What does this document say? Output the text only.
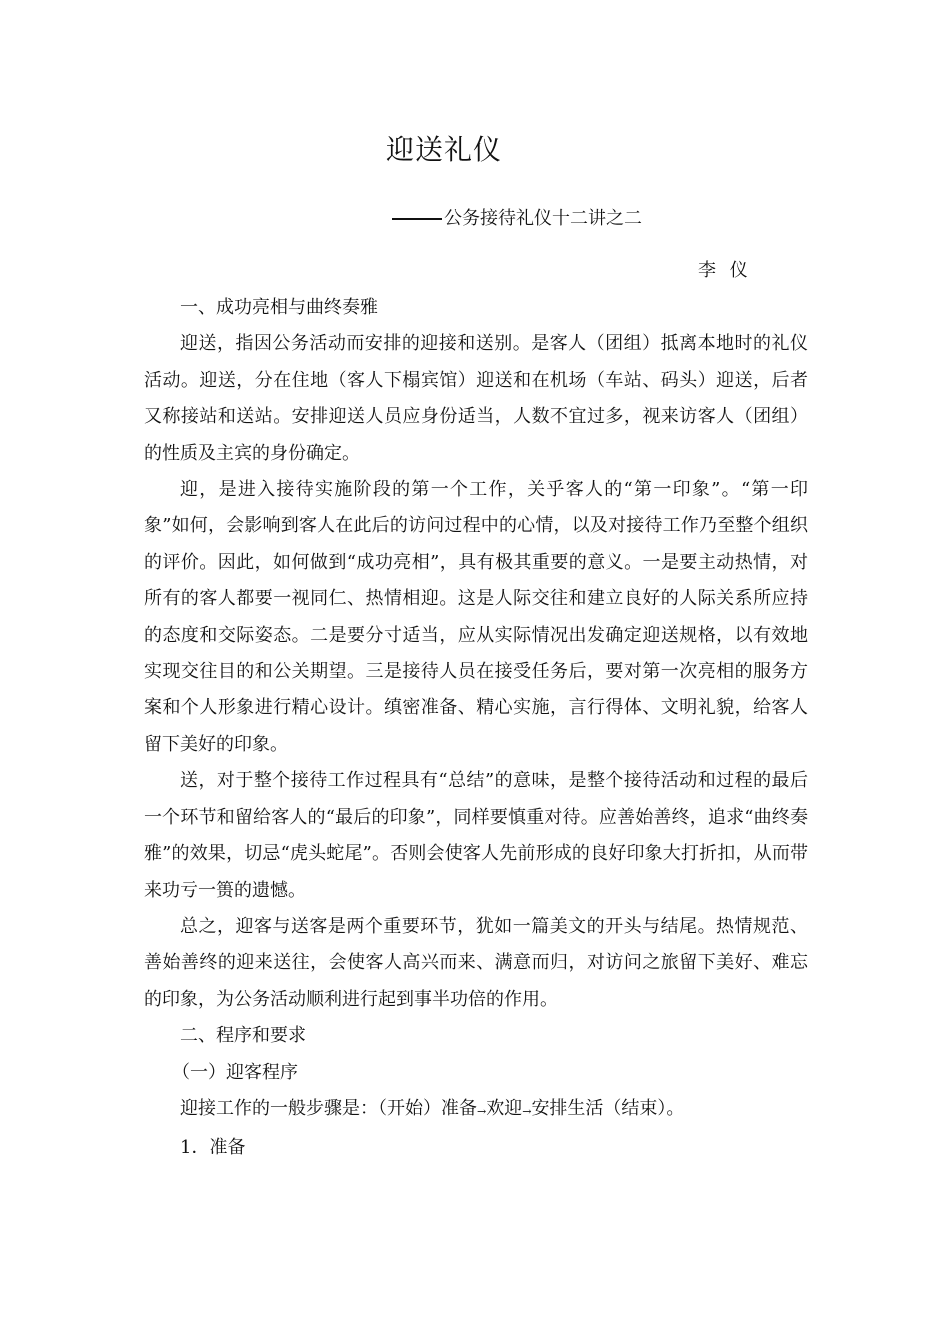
迎送礼仪
公务接待礼仪十二讲之二
李 仪

一、成功亮相与曲终奏雅

迎送，指因公务活动而安排的迎接和送别。是客人（团组）抵离本地时的礼仪活动。迎送，分在住地（客人下榻宾馆）迎送和在机场（车站、码头）迎送，后者又称接站和送站。安排迎送人员应身份适当，人数不宜过多，视来访客人（团组）的性质及主宾的身份确定。

迎，是进入接待实施阶段的第一个工作，关乎客人的“第一印象”。“第一印象”如何，会影响到客人在此后的访问过程中的心情，以及对接待工作乃至整个组织的评价。因此，如何做到“成功亮相”，具有极其重要的意义。一是要主动热情，对所有的客人都要一视同仁、热情相迎。这是人际交往和建立良好的人际关系所应持的态度和交际姿态。二是要分寸适当，应从实际情况出发确定迎送规格，以有效地实现交往目的和公关期望。三是接待人员在接受任务后，要对第一次亮相的服务方案和个人形象进行精心设计。缜密准备、精心实施，言行得体、文明礼貌，给客人留下美好的印象。

送，对于整个接待工作过程具有“总结”的意味，是整个接待活动和过程的最后一个环节和留给客人的“最后的印象”，同样要慎重对待。应善始善终，追求“曲终奏雅”的效果，切忌“虎头蛇尾”。否则会使客人先前形成的良好印象大打折扣，从而带来功亏一篑的遗憾。

总之，迎客与送客是两个重要环节，犹如一篇美文的开头与结尾。热情规范、善始善终的迎来送往，会使客人高兴而来、满意而归，对访问之旅留下美好、难忘的印象，为公务活动顺利进行起到事半功倍的作用。

二、程序和要求

（一）迎客程序

迎接工作的一般步骤是：（开始）准备→欢迎→安排生活（结束）。

1．准备
